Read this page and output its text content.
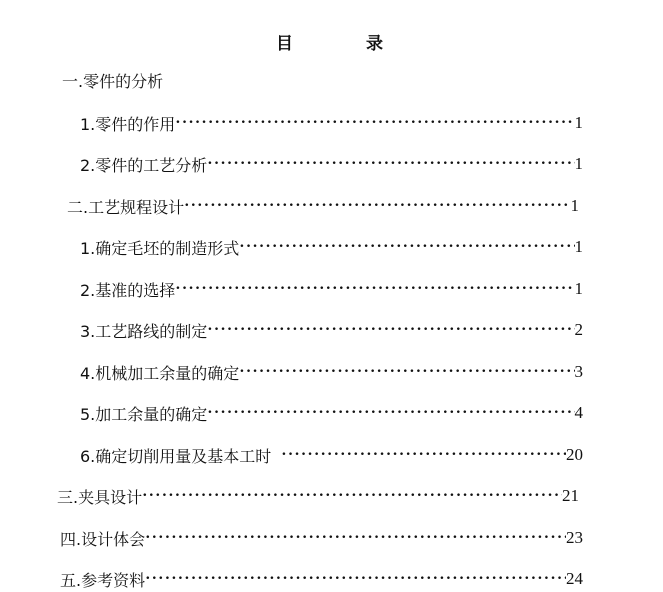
目	录
一.零件的分析
1.零件的作用 ·····	1
2.零件的工艺分析 ·····	1
二.工艺规程设计 ·····	1
1.确定毛坯的制造形式 ·····	1
2.基准的选择 ·····	1
3.工艺路线的制定 ·····	2
4.机械加工余量的确定 ·····	3
5.加工余量的确定 ·····	4
6.确定切削用量及基本工时 ·····	20
三.夹具设计 ·····	21
四.设计体会 ·····	23
五.参考资料 ·····	24
